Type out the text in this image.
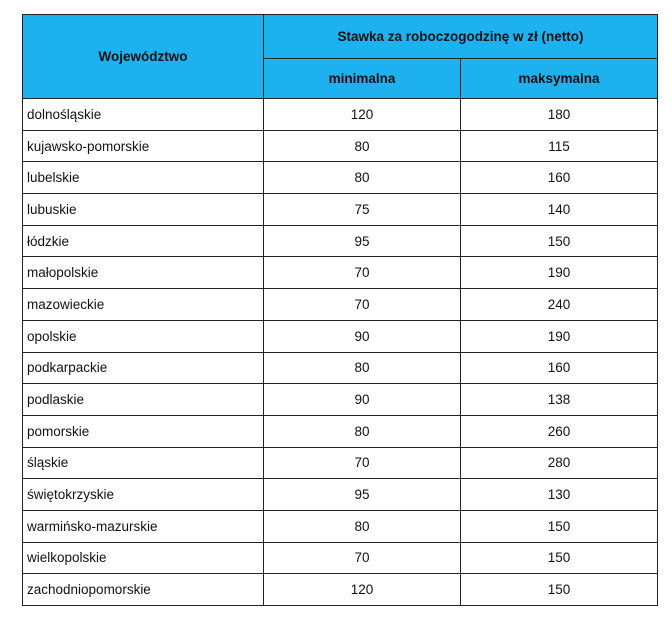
Województwo	Stawka za roboczogodzinę w zł (netto)	
	minimalna	maksymalna
dolnośląskie	120	180
kujawsko-pomorskie	80	115
lubelskie	80	160
lubuskie	75	140
łódzkie	95	150
małopolskie	70	190
mazowieckie	70	240
opolskie	90	190
podkarpackie	80	160
podlaskie	90	138
pomorskie	80	260
śląskie	70	280
świętokrzyskie	95	130
warmińsko-mazurskie	80	150
wielkopolskie	70	150
zachodniopomorskie	120	150
